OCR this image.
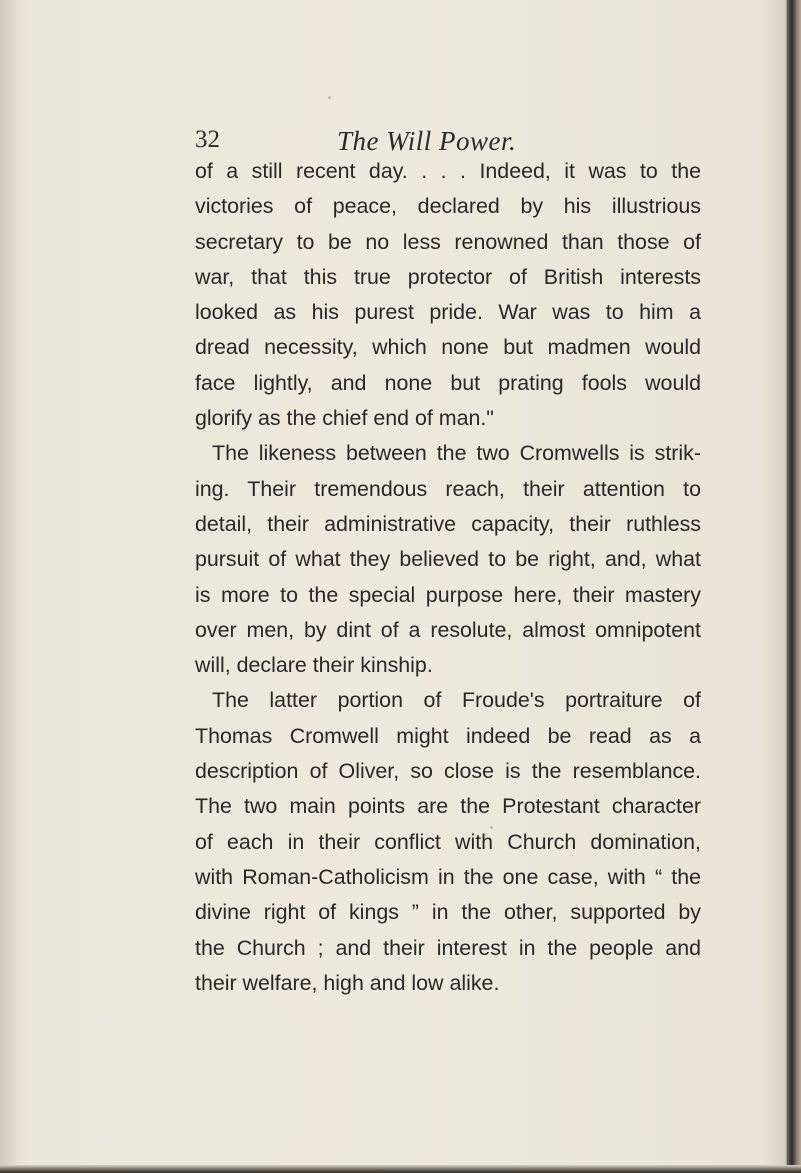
32	The Will Power.
of a still recent day. . . . Indeed, it was to the
victories of peace, declared by his illustrious
secretary to be no less renowned than those of
war, that this true protector of British interests
looked as his purest pride. War was to him a
dread necessity, which none but madmen would
face lightly, and none but prating fools would
glorify as the chief end of man."
The likeness between the two Cromwells is strik-
ing. Their tremendous reach, their attention to
detail, their administrative capacity, their ruthless
pursuit of what they believed to be right, and, what
is more to the special purpose here, their mastery
over men, by dint of a resolute, almost omnipotent
will, declare their kinship.
The latter portion of Froude's portraiture of
Thomas Cromwell might indeed be read as a
description of Oliver, so close is the resemblance.
The two main points are the Protestant character
of each in their conflict with Church domination,
with Roman-Catholicism in the one case, with “ the
divine right of kings ” in the other, supported by
the Church ; and their interest in the people and
their welfare, high and low alike.
